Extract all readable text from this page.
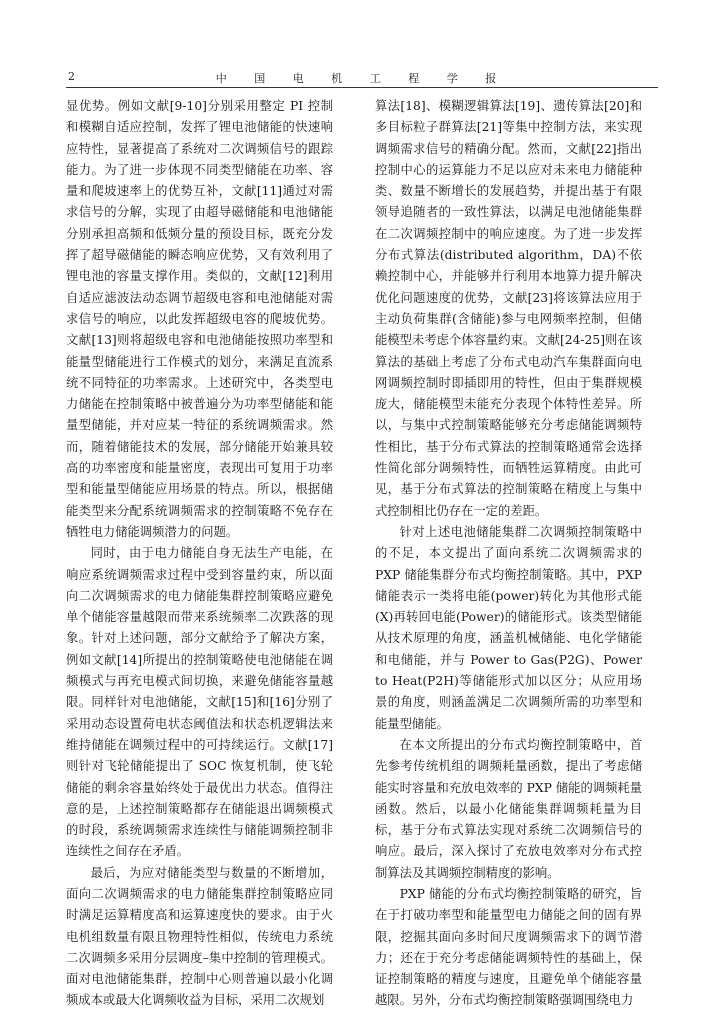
2	中 国 电 机 工 程 学 报

显优势。例如文献[9-10]分别采用整定 PI 控制和模糊自适应控制，发挥了锂电池储能的快速响应特性，显著提高了系统对二次调频信号的跟踪能力。为了进一步体现不同类型储能在功率、容量和爬坡速率上的优势互补，文献[11]通过对需求信号的分解，实现了由超导磁储能和电池储能分别承担高频和低频分量的预设目标，既充分发挥了超导磁储能的瞬态响应优势，又有效利用了锂电池的容量支撑作用。类似的，文献[12]利用自适应滤波法动态调节超级电容和电池储能对需求信号的响应，以此发挥超级电容的爬坡优势。文献[13]则将超级电容和电池储能按照功率型和能量型储能进行工作模式的划分，来满足直流系统不同特征的功率需求。上述研究中，各类型电力储能在控制策略中被普遍分为功率型储能和能量型储能，并对应某一特征的系统调频需求。然而，随着储能技术的发展，部分储能开始兼具较高的功率密度和能量密度，表现出可复用于功率型和能量型储能应用场景的特点。所以，根据储能类型来分配系统调频需求的控制策略不免存在牺牲电力储能调频潜力的问题。

同时，由于电力储能自身无法生产电能，在响应系统调频需求过程中受到容量约束，所以面向二次调频需求的电力储能集群控制策略应避免单个储能容量越限而带来系统频率二次跌落的现象。针对上述问题，部分文献给予了解决方案，例如文献[14]所提出的控制策略使电池储能在调频模式与再充电模式间切换，来避免储能容量越限。同样针对电池储能，文献[15]和[16]分别了采用动态设置荷电状态阈值法和状态机逻辑法来维持储能在调频过程中的可持续运行。文献[17]则针对飞轮储能提出了 SOC 恢复机制，使飞轮储能的剩余容量始终处于最优出力状态。值得注意的是，上述控制策略都存在储能退出调频模式的时段，系统调频需求连续性与储能调频控制非连续性之间存在矛盾。

最后，为应对储能类型与数量的不断增加，面向二次调频需求的电力储能集群控制策略应同时满足运算精度高和运算速度快的要求。由于火电机组数量有限且物理特性相似，传统电力系统二次调频多采用分层调度–集中控制的管理模式。面对电池储能集群，控制中心则普遍以最小化调频成本或最大化调频收益为目标，采用二次规划

算法[18]、模糊逻辑算法[19]、遗传算法[20]和多目标粒子群算法[21]等集中控制方法，来实现调频需求信号的精确分配。然而，文献[22]指出控制中心的运算能力不足以应对未来电力储能种类、数量不断增长的发展趋势，并提出基于有限领导追随者的一致性算法，以满足电池储能集群在二次调频控制中的响应速度。为了进一步发挥分布式算法(distributed algorithm，DA)不依赖控制中心，并能够并行利用本地算力提升解决优化问题速度的优势，文献[23]将该算法应用于主动负荷集群(含储能)参与电网频率控制，但储能模型未考虑个体容量约束。文献[24-25]则在该算法的基础上考虑了分布式电动汽车集群面向电网调频控制时即插即用的特性，但由于集群规模庞大，储能模型未能充分表现个体特性差异。所以，与集中式控制策略能够充分考虑储能调频特性相比，基于分布式算法的控制策略通常会选择性简化部分调频特性，而牺牲运算精度。由此可见，基于分布式算法的控制策略在精度上与集中式控制相比仍存在一定的差距。

针对上述电池储能集群二次调频控制策略中的不足，本文提出了面向系统二次调频需求的 PXP 储能集群分布式均衡控制策略。其中，PXP 储能表示一类将电能(power)转化为其他形式能(X)再转回电能(Power)的储能形式。该类型储能从技术原理的角度，涵盖机械储能、电化学储能和电储能，并与 Power to Gas(P2G)、Power to Heat(P2H)等储能形式加以区分；从应用场景的角度，则涵盖满足二次调频所需的功率型和能量型储能。

在本文所提出的分布式均衡控制策略中，首先参考传统机组的调频耗量函数，提出了考虑储能实时容量和充放电效率的 PXP 储能的调频耗量函数。然后，以最小化储能集群调频耗量为目标，基于分布式算法实现对系统二次调频信号的响应。最后，深入探讨了充放电效率对分布式控制算法及其调频控制精度的影响。

PXP 储能的分布式均衡控制策略的研究，旨在于打破功率型和能量型电力储能之间的固有界限，挖掘其面向多时间尺度调频需求下的调节潜力；还在于充分考虑储能调频特性的基础上，保证控制策略的精度与速度，且避免单个储能容量越限。另外，分布式均衡控制策略强调围绕电力
